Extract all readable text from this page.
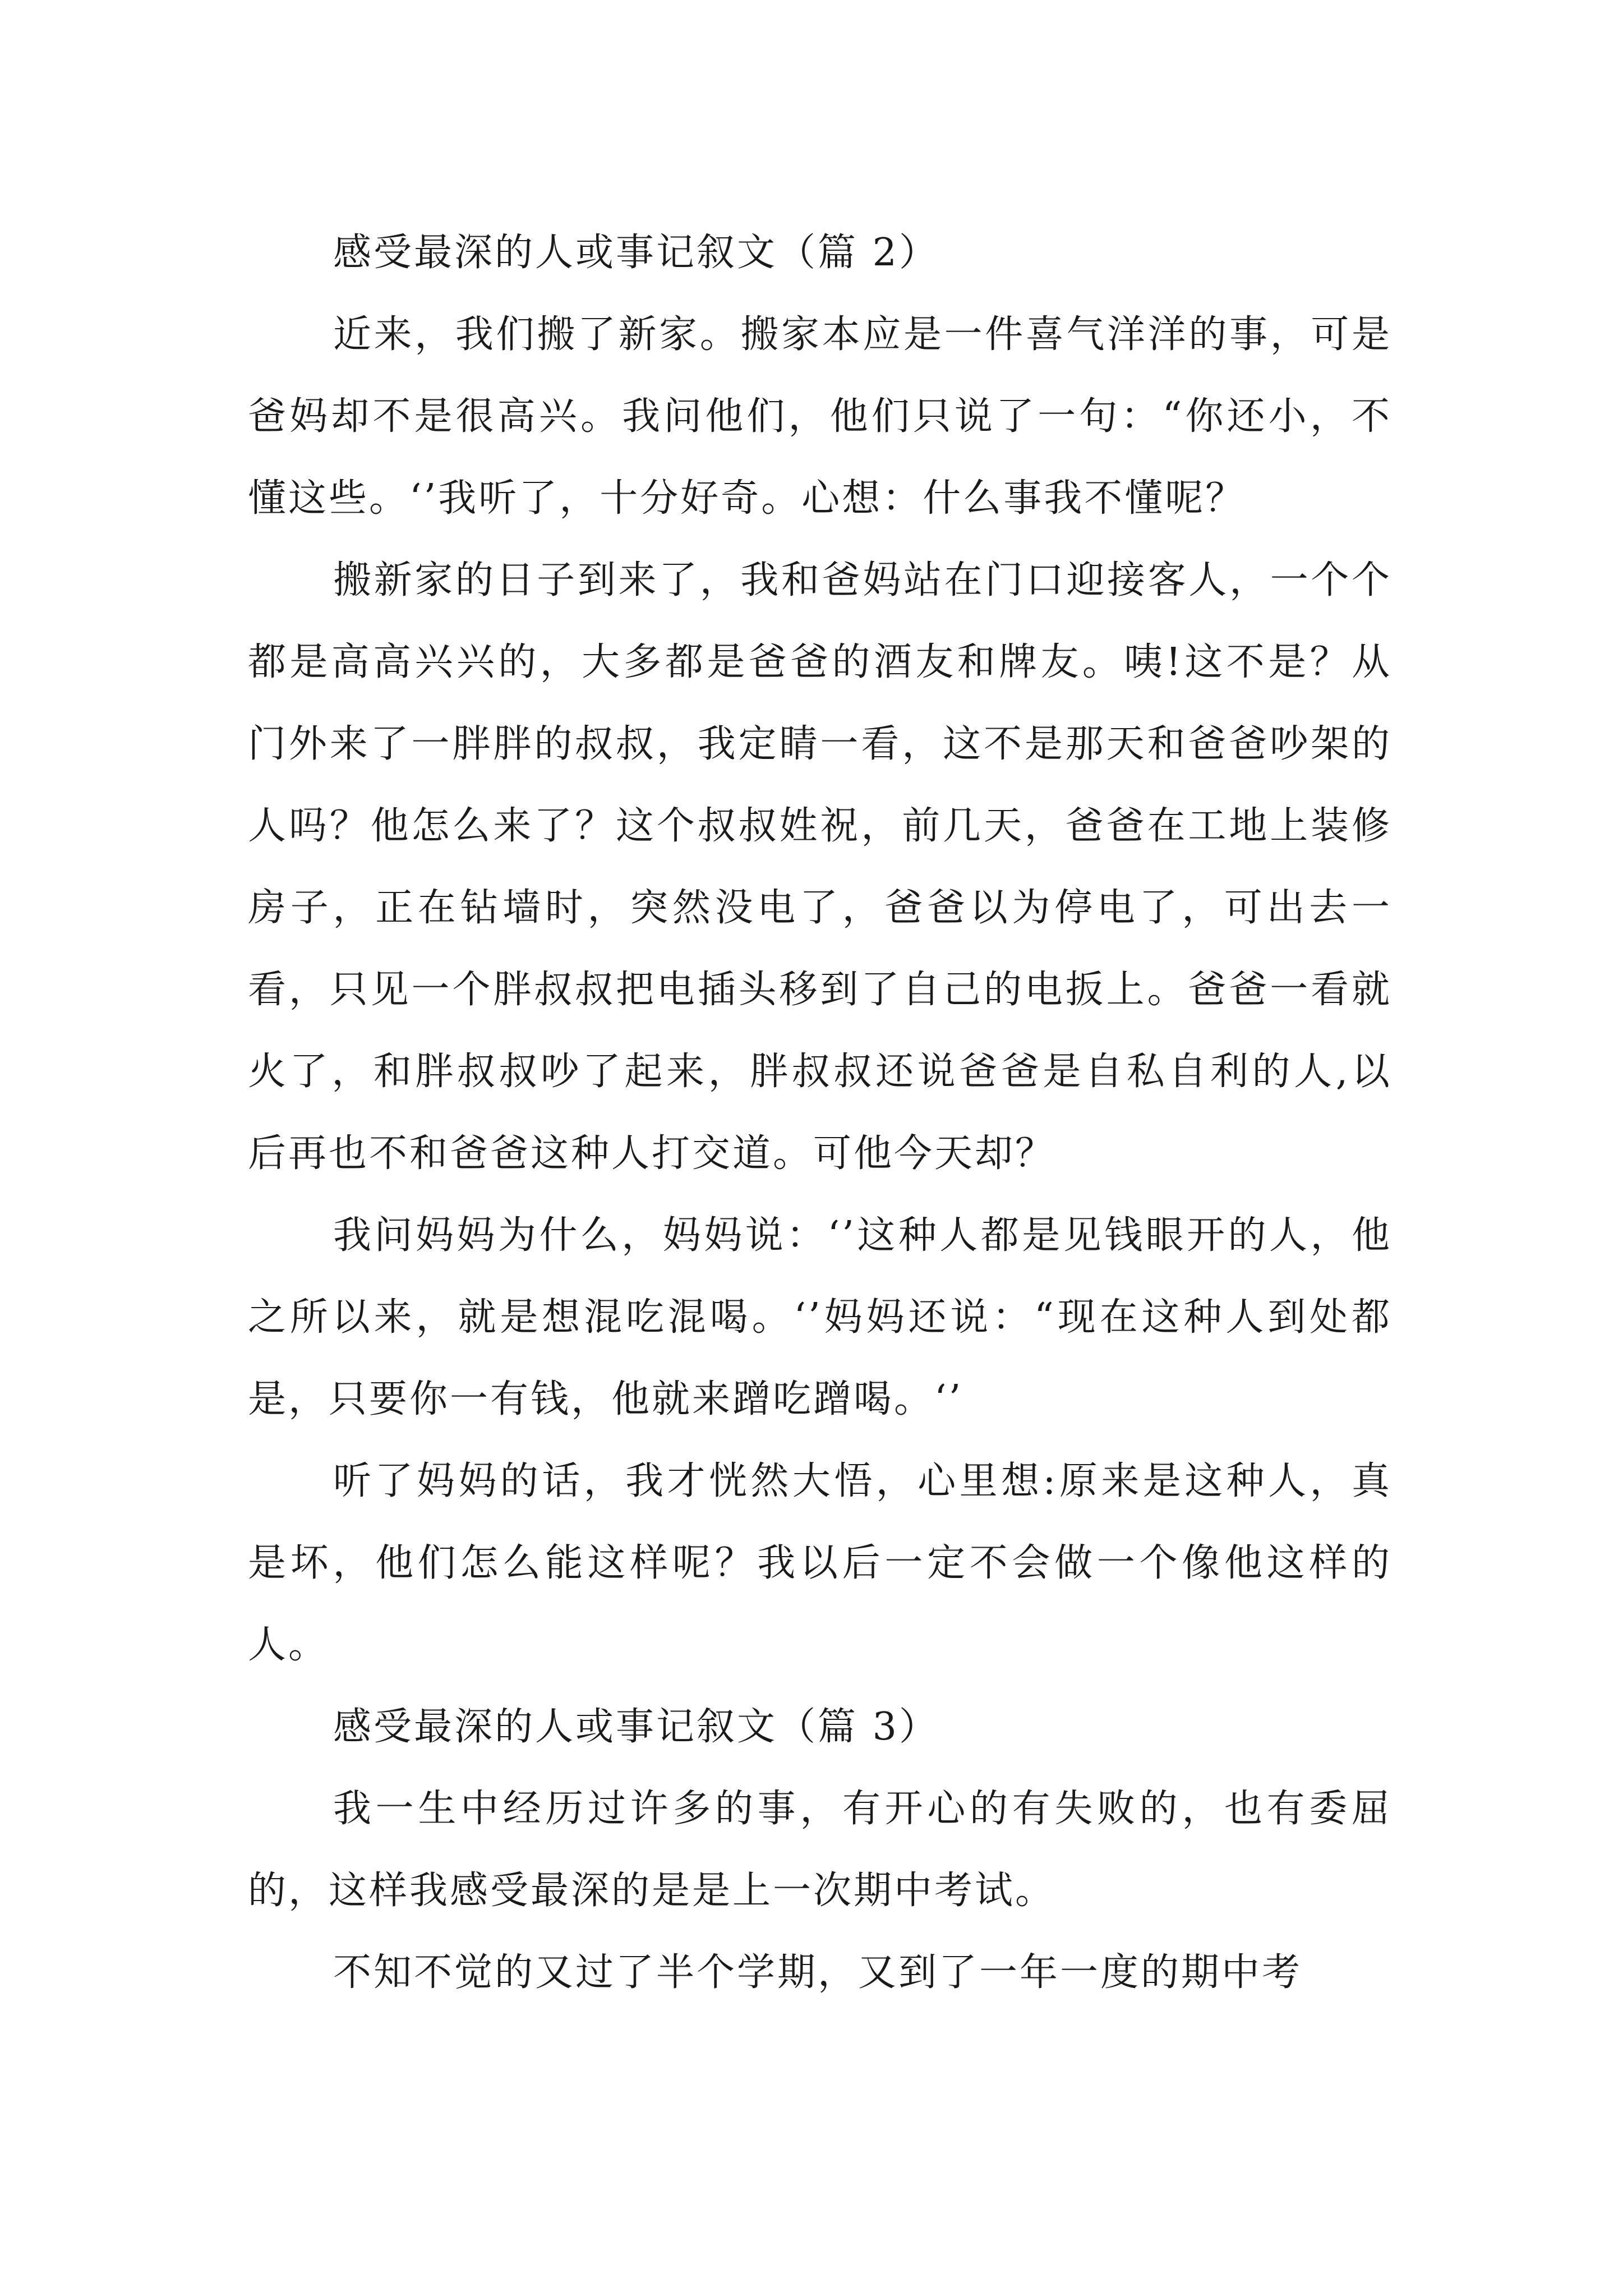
感受最深的人或事记叙文（篇 2）

近来，我们搬了新家。搬家本应是一件喜气洋洋的事，可是爸妈却不是很高兴。我问他们，他们只说了一句：“你还小，不懂这些。‘’我听了，十分好奇。心想：什么事我不懂呢？

搬新家的日子到来了，我和爸妈站在门口迎接客人，一个个都是高高兴兴的，大多都是爸爸的酒友和牌友。咦!这不是？从门外来了一胖胖的叔叔，我定睛一看，这不是那天和爸爸吵架的人吗？他怎么来了？这个叔叔姓祝，前几天，爸爸在工地上装修房子，正在钻墙时，突然没电了，爸爸以为停电了，可出去一看，只见一个胖叔叔把电插头移到了自己的电扳上。爸爸一看就火了，和胖叔叔吵了起来，胖叔叔还说爸爸是自私自利的人,以后再也不和爸爸这种人打交道。可他今天却？

我问妈妈为什么，妈妈说：‘’这种人都是见钱眼开的人，他之所以来，就是想混吃混喝。‘’妈妈还说：“现在这种人到处都是，只要你一有钱，他就来蹭吃蹭喝。‘’

听了妈妈的话，我才恍然大悟，心里想:原来是这种人，真是坏，他们怎么能这样呢？我以后一定不会做一个像他这样的人。

感受最深的人或事记叙文（篇 3）

我一生中经历过许多的事，有开心的有失败的，也有委屈的，这样我感受最深的是是上一次期中考试。

不知不觉的又过了半个学期，又到了一年一度的期中考
